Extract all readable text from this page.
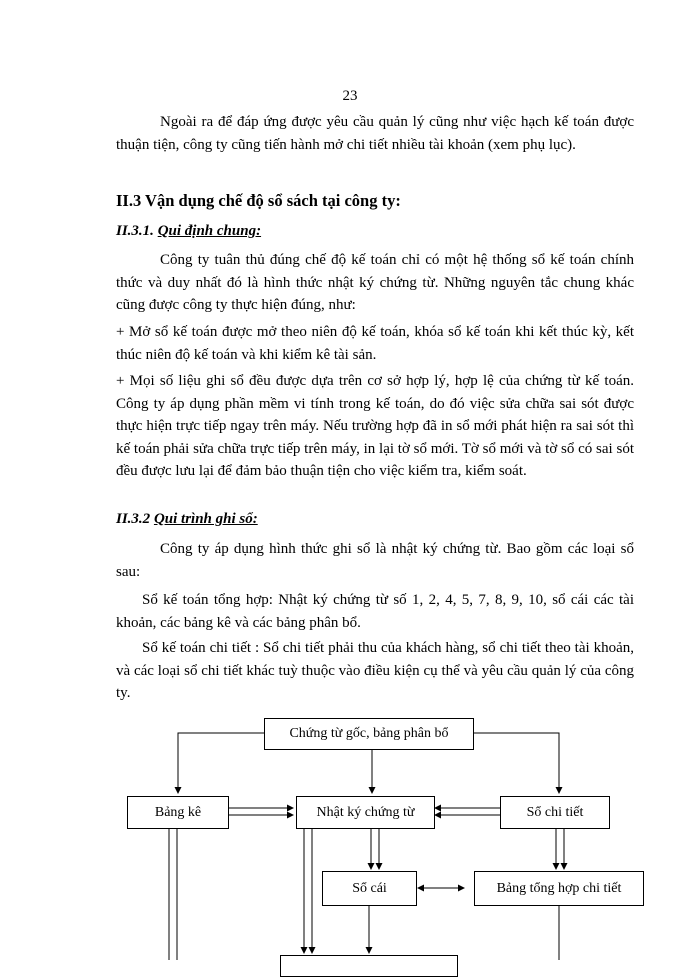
23
Ngoài ra để đáp ứng được yêu cầu quản lý cũng như việc hạch kế toán được thuận tiện, công ty cũng tiến hành mở chi tiết nhiều tài khoản (xem phụ lục).
II.3 Vận dụng chế độ sổ sách tại công ty:
II.3.1. Qui định chung:
Công ty tuân thủ đúng chế độ kế toán chỉ có một hệ thống sổ kế toán chính thức và duy nhất đó là hình thức nhật ký chứng từ. Những nguyên tắc chung khác cũng được công ty thực hiện đúng, như:
+ Mở sổ kế toán được mở theo niên độ kế toán, khóa sổ kế toán khi kết thúc kỳ, kết thúc niên độ kế toán và khi kiểm kê tài sản.
+ Mọi số liệu ghi sổ đều được dựa trên cơ sở hợp lý, hợp lệ của chứng từ kế toán. Công ty áp dụng phần mềm vi tính trong kế toán, do đó việc sửa chữa sai sót được thực hiện trực tiếp ngay trên máy. Nếu trường hợp đã in sổ mới phát hiện ra sai sót thì kế toán phải sửa chữa trực tiếp trên máy, in lại tờ sổ mới. Tờ sổ mới và tờ sổ có sai sót đều được lưu lại để đảm bảo thuận tiện cho việc kiểm tra, kiểm soát.
II.3.2 Qui trình ghi sổ:
Công ty áp dụng hình thức ghi sổ là nhật ký chứng từ. Bao gồm các loại sổ sau:
Sổ kế toán tổng hợp: Nhật ký chứng từ số 1, 2, 4, 5, 7, 8, 9, 10, sổ cái các tài khoản, các bảng kê và các bảng phân bổ.
Sổ kế toán chi tiết : Sổ chi tiết phải thu của khách hàng, sổ chi tiết theo tài khoản, và các loại sổ chi tiết khác tuỳ thuộc vào điều kiện cụ thể và yêu cầu quản lý của công ty.
Chứng từ gốc, bảng phân bổ
Bảng kê	Nhật ký chứng từ	Sổ chi tiết
Sổ cái	Bảng tổng hợp chi tiết
